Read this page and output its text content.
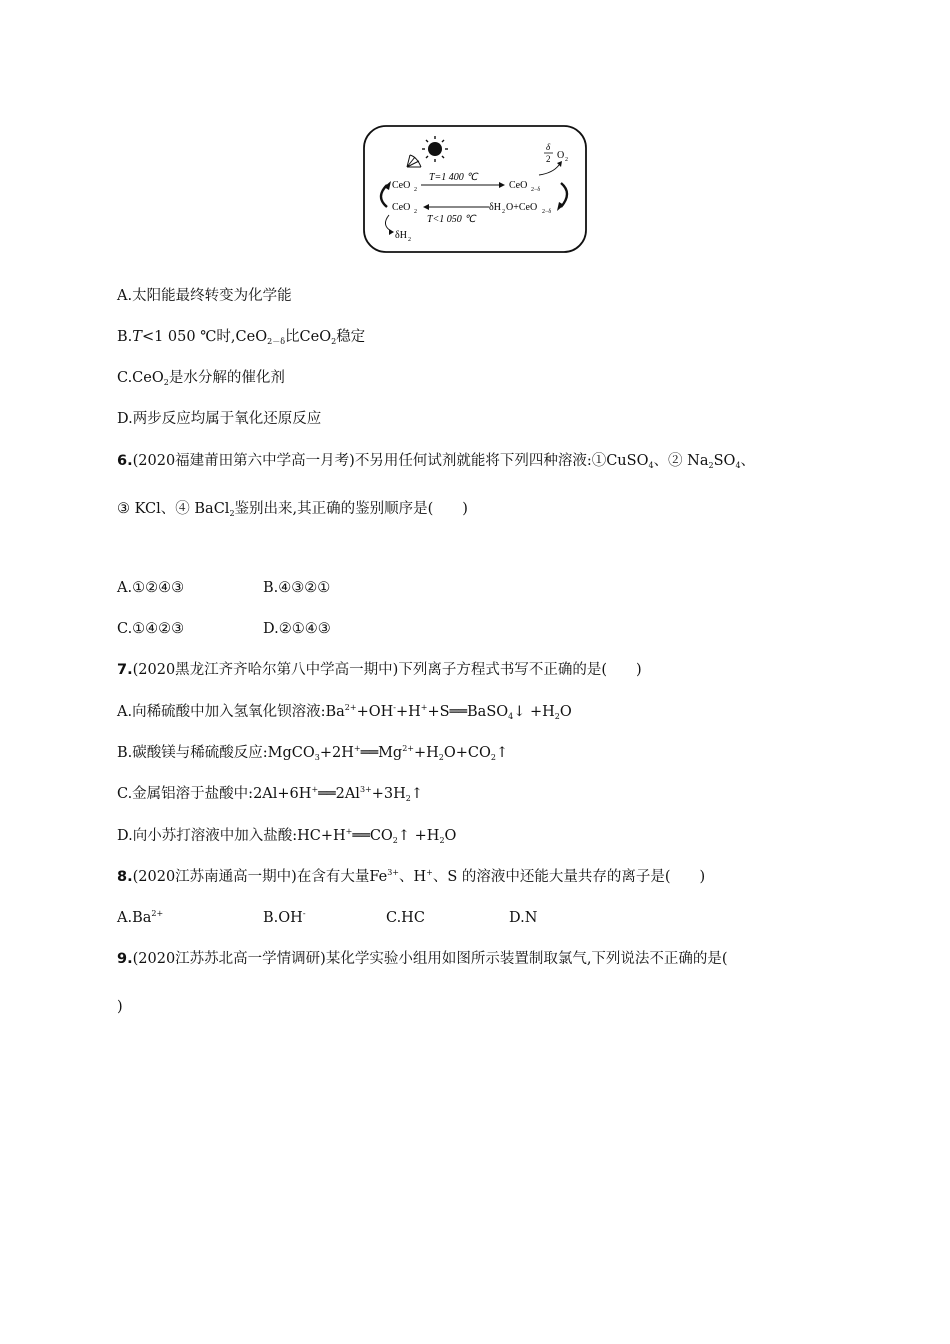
CeO 2
T=1 400 ℃
CeO 2−δ
CeO 2
T<1 050 ℃
δH 2 O+CeO 2−δ
δ
2 O 2
δH 2
A.太阳能最终转变为化学能
B.T<1 050 ℃时,CeO$_{2-\delta}$比CeO$_2$稳定
C.CeO$_2$是水分解的催化剂
D.两步反应均属于氧化还原反应
6.(2020福建莆田第六中学高一月考)不另用任何试剂就能将下列四种溶液:①CuSO$_4$、② $Na_2SO_4$、
③ KCl、④ BaCl$_2$鉴别出来,其正确的鉴别顺序是(　　)
A.①②④③	B.④③②①
C.①④②③	D.②①④③
7.(2020黑龙江齐齐哈尔第八中学高一期中)下列离子方程式书写不正确的是(　　)
A.向稀硫酸中加入氢氧化钡溶液$:Ba^{2+}+OH^-+H^++S══BaSO_4↓ +H_2O$
B.碳酸镁与稀硫酸反应$:MgCO_3+2H^+══Mg^{2+}+H_2O+CO_2↑$
C.金属铝溶于盐酸中$:2Al+6H^+══2Al^{3+}+3H_2↑$
D.向小苏打溶液中加入盐酸$:HC+H^+══CO_2↑ +H_2O$
8.(2020江苏南通高一期中)在含有大量$Fe^{3+}$、H+、S 的溶液中还能大量共存的离子是(　　)
$A.Ba^{2+}$	B.OH-	C.HC	D.N
9.(2020江苏苏北高一学情调研)某化学实验小组用如图所示装置制取氯气,下列说法不正确的是(
)
